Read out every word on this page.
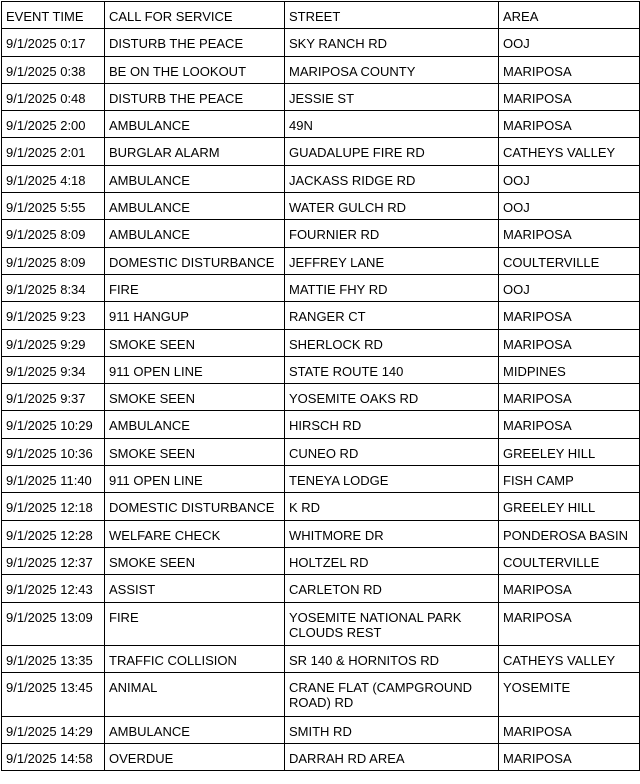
EVENT TIME	CALL FOR SERVICE	STREET	AREA
9/1/2025 0:17	DISTURB THE PEACE	SKY RANCH RD	OOJ
9/1/2025 0:38	BE ON THE LOOKOUT	MARIPOSA COUNTY	MARIPOSA
9/1/2025 0:48	DISTURB THE PEACE	JESSIE ST	MARIPOSA
9/1/2025 2:00	AMBULANCE	49N	MARIPOSA
9/1/2025 2:01	BURGLAR ALARM	GUADALUPE FIRE RD	CATHEYS VALLEY
9/1/2025 4:18	AMBULANCE	JACKASS RIDGE RD	OOJ
9/1/2025 5:55	AMBULANCE	WATER GULCH RD	OOJ
9/1/2025 8:09	AMBULANCE	FOURNIER RD	MARIPOSA
9/1/2025 8:09	DOMESTIC DISTURBANCE	JEFFREY LANE	COULTERVILLE
9/1/2025 8:34	FIRE	MATTIE FHY RD	OOJ
9/1/2025 9:23	911 HANGUP	RANGER CT	MARIPOSA
9/1/2025 9:29	SMOKE SEEN	SHERLOCK RD	MARIPOSA
9/1/2025 9:34	911 OPEN LINE	STATE ROUTE 140	MIDPINES
9/1/2025 9:37	SMOKE SEEN	YOSEMITE OAKS RD	MARIPOSA
9/1/2025 10:29	AMBULANCE	HIRSCH RD	MARIPOSA
9/1/2025 10:36	SMOKE SEEN	CUNEO RD	GREELEY HILL
9/1/2025 11:40	911 OPEN LINE	TENEYA LODGE	FISH CAMP
9/1/2025 12:18	DOMESTIC DISTURBANCE	K RD	GREELEY HILL
9/1/2025 12:28	WELFARE CHECK	WHITMORE DR	PONDEROSA BASIN
9/1/2025 12:37	SMOKE SEEN	HOLTZEL RD	COULTERVILLE
9/1/2025 12:43	ASSIST	CARLETON RD	MARIPOSA
9/1/2025 13:09	FIRE	YOSEMITE NATIONAL PARK CLOUDS REST	MARIPOSA
9/1/2025 13:35	TRAFFIC COLLISION	SR 140 & HORNITOS RD	CATHEYS VALLEY
9/1/2025 13:45	ANIMAL	CRANE FLAT (CAMPGROUND ROAD) RD	YOSEMITE
9/1/2025 14:29	AMBULANCE	SMITH RD	MARIPOSA
9/1/2025 14:58	OVERDUE	DARRAH RD AREA	MARIPOSA
